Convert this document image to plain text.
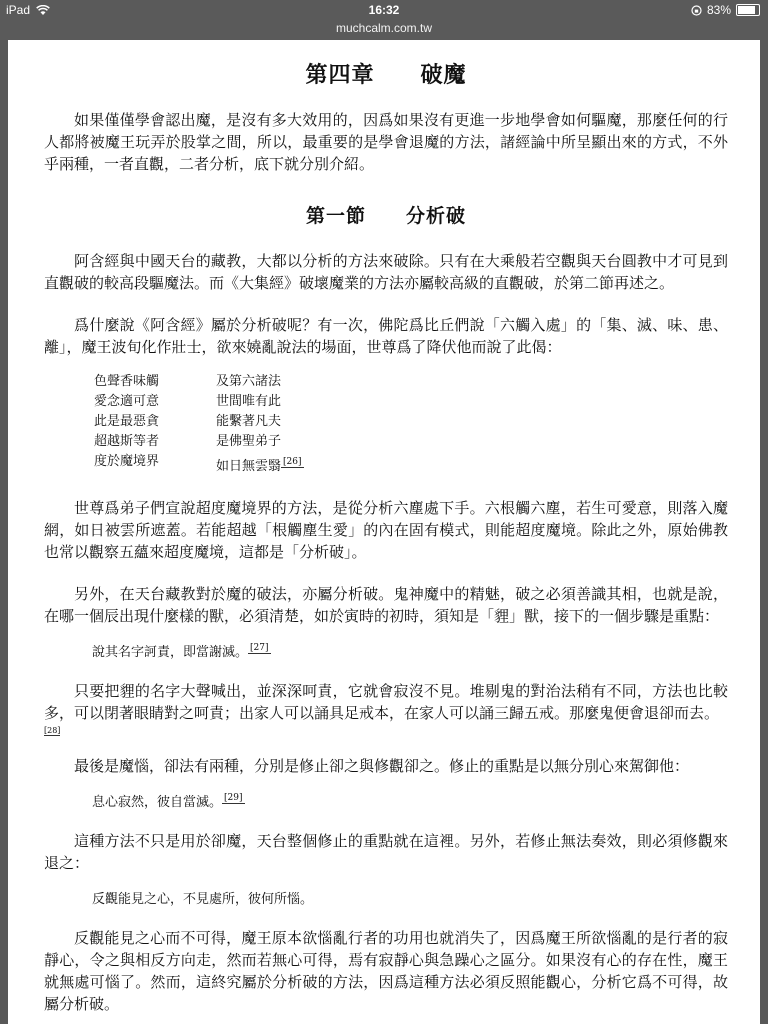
iPad	16:32	83%
muchcalm.com.tw
第四章　　破魔

如果僅僅學會認出魔，是沒有多大效用的，因爲如果沒有更進一步地學會如何驅魔，那麼任何的行人都將被魔王玩弄於股掌之間，所以，最重要的是學會退魔的方法，諸經論中所呈顯出來的方式，不外乎兩種，一者直觀，二者分析，底下就分別介紹。

第一節　　分析破

阿含經與中國天台的藏教，大都以分析的方法來破除。只有在大乘般若空觀與天台圓教中才可見到直觀破的較高段驅魔法。而《大集經》破壞魔業的方法亦屬較高級的直觀破，於第二節再述之。

爲什麼說《阿含經》屬於分析破呢？有一次，佛陀爲比丘們說「六觸入處」的「集、滅、味、患、離」，魔王波旬化作壯士，欲來嬈亂說法的場面，世尊爲了降伏他而說了此偈：

色聲香味觸	及第六諸法
愛念適可意	世間唯有此
此是最惡貪	能繫著凡夫
超越斯等者	是佛聖弟子
度於魔境界	如日無雲翳 [26]

世尊爲弟子們宣說超度魔境界的方法，是從分析六塵處下手。六根觸六塵，若生可愛意，則落入魔網，如日被雲所遮蓋。若能超越「根觸塵生愛」的內在固有模式，則能超度魔境。除此之外，原始佛教也常以觀察五蘊來超度魔境，這都是「分析破」。

另外，在天台藏教對於魔的破法，亦屬分析破。鬼神魔中的精魅，破之必須善識其相，也就是說，在哪一個辰出現什麼樣的獸，必須清楚，如於寅時的初時，須知是「貍」獸，接下的一個步驟是重點：

說其名字訶責，即當謝滅。 [27]

只要把貍的名字大聲喊出，並深深呵責，它就會寂沒不見。堆剔鬼的對治法稍有不同，方法也比較多，可以閉著眼睛對之呵責；出家人可以誦具足戒本，在家人可以誦三歸五戒。那麼鬼便會退卻而去。

[28]

最後是魔惱，卻法有兩種，分別是修止卻之與修觀卻之。修止的重點是以無分別心來駕御他：

息心寂然，彼自當滅。 [29]

這種方法不只是用於卻魔，天台整個修止的重點就在這裡。另外，若修止無法奏效，則必須修觀來退之：

反觀能見之心，不見處所，彼何所惱。

反觀能見之心而不可得，魔王原本欲惱亂行者的功用也就消失了，因爲魔王所欲惱亂的是行者的寂靜心，令之與相反方向走，然而若無心可得，焉有寂靜心與急躁心之區分。如果沒有心的存在性，魔王就無處可惱了。然而，這終究屬於分析破的方法，因爲這種方法必須反照能觀心，分析它爲不可得，故屬分析破。
